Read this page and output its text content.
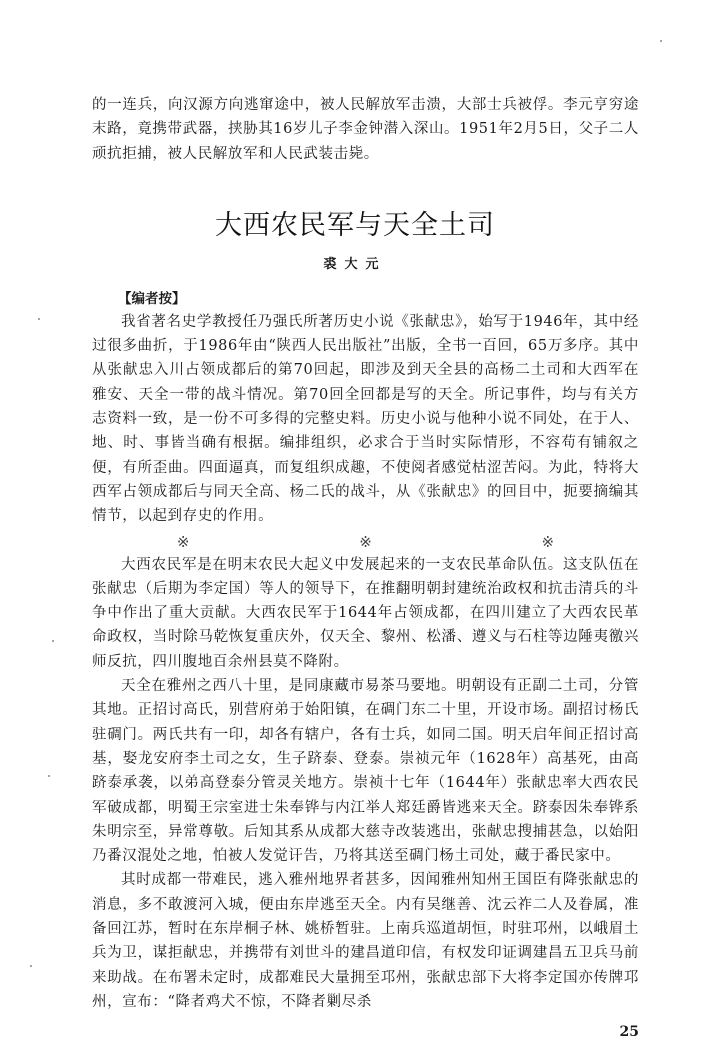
的一连兵，向汉源方向逃窜途中，被人民解放军击溃，大部士兵被俘。李元亨穷途末路，竟携带武器，挟胁其16岁儿子李金钟潜入深山。1951年2月5日，父子二人顽抗拒捕，被人民解放军和人民武装击毙。

大西农民军与天全土司

裘大元

【编者按】

我省著名史学教授任乃强氏所著历史小说《张献忠》，始写于1946年，其中经过很多曲折，于1986年由“陕西人民出版社”出版，全书一百回，65万多序。其中从张献忠入川占领成都后的第70回起，即涉及到天全县的高杨二土司和大西军在雅安、天全一带的战斗情况。第70回全回都是写的天全。所记事件，均与有关方志资料一致，是一份不可多得的完整史料。历史小说与他种小说不同处，在于人、地、时、事皆当确有根据。编排组织，必求合于当时实际情形，不容苟有铺叙之便，有所歪曲。四面逼真，而复组织成趣，不使阅者感觉枯涩苦闷。为此，特将大西军占领成都后与同天全高、杨二氏的战斗，从《张献忠》的回目中，扼要摘编其情节，以起到存史的作用。

※	※	※

大西农民军是在明末农民大起义中发展起来的一支农民革命队伍。这支队伍在张献忠（后期为李定国）等人的领导下，在推翻明朝封建统治政权和抗击清兵的斗争中作出了重大贡献。大西农民军于1644年占领成都，在四川建立了大西农民革命政权，当时除马乾恢复重庆外，仅天全、黎州、松潘、遵义与石柱等边陲夷徼兴师反抗，四川腹地百余州县莫不降附。

天全在雅州之西八十里，是同康藏市易茶马要地。明朝设有正副二土司，分管其地。正招讨高氏，别营府弟于始阳镇，在碉门东二十里，开设市场。副招讨杨氏驻碉门。两氏共有一印，却各有辖户，各有士兵，如同二国。明天启年间正招讨高基，娶龙安府李土司之女，生子跻泰、登泰。崇祯元年（1628年）高基死，由高跻泰承袭，以弟高登泰分管灵关地方。崇祯十七年（1644年）张献忠率大西农民军破成都，明蜀王宗室进士朱奉铧与内江举人郑廷爵皆逃来天全。跻泰因朱奉铧系朱明宗至，异常尊敬。后知其系从成都大慈寺改装逃出，张献忠搜捕甚急，以始阳乃番汉混处之地，怕被人发觉讦告，乃将其送至碉门杨土司处，藏于番民家中。

其时成都一带难民，逃入雅州地界者甚多，因闻雅州知州王国臣有降张献忠的消息，多不敢渡河入城，便由东岸逃至天全。内有吴继善、沈云祚二人及眷属，准备回江苏，暂时在东岸桐子林、姚桥暂驻。上南兵巡道胡恒，时驻邛州，以峨眉土兵为卫，谋拒献忠，并携带有刘世斗的建昌道印信，有权发印证调建昌五卫兵马前来助战。在布署未定时，成都难民大量拥至邛州，张献忠部下大将李定国亦传牌邛州，宣布：“降者鸡犬不惊，不降者剿尽杀

25
